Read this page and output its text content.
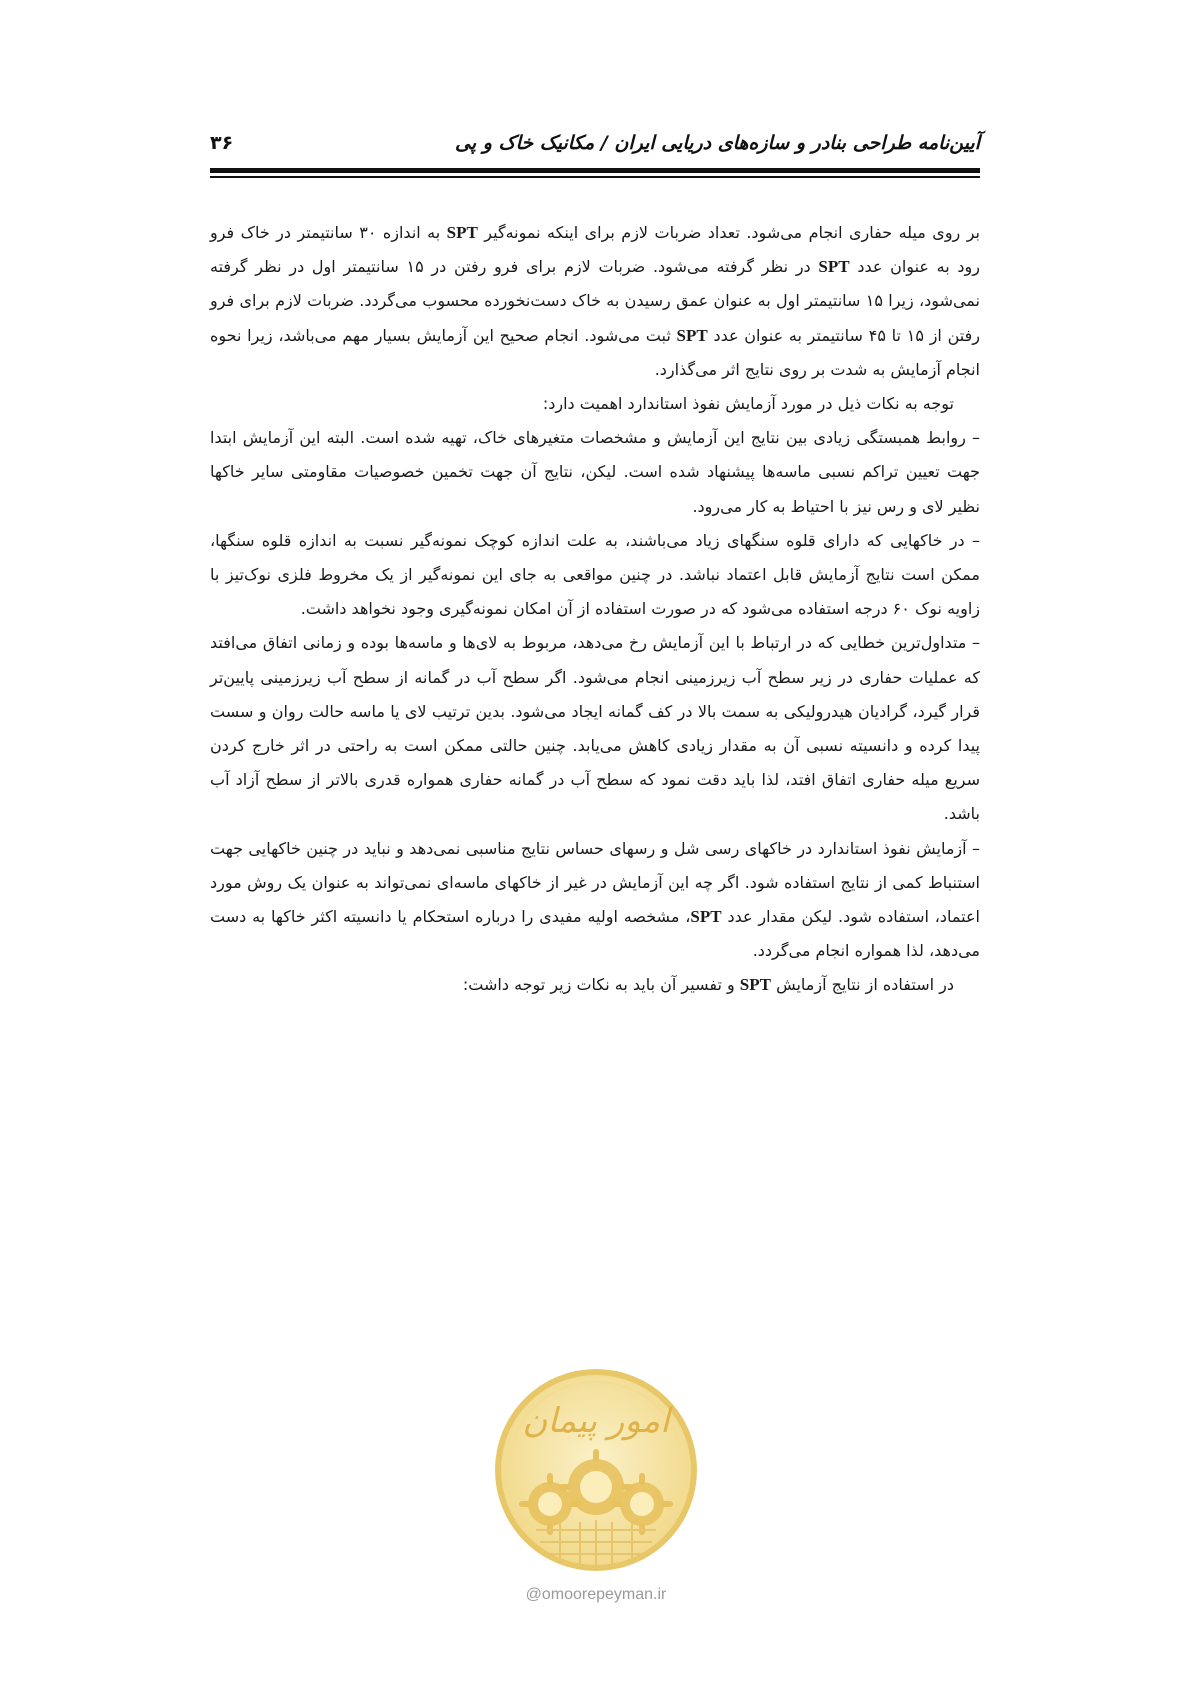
آیین‌نامه طراحی بنادر و سازه‌های دریایی ایران / مکانیک خاک و پی
۳۶

بر روی میله حفاری انجام می‌شود. تعداد ضربات لازم برای اینکه نمونه‌گیر SPT به اندازه ۳۰ سانتیمتر در خاک فرو رود به عنوان عدد SPT در نظر گرفته می‌شود. ضربات لازم برای فرو رفتن در ۱۵ سانتیمتر اول در نظر گرفته نمی‌شود، زیرا ۱۵ سانتیمتر اول به عنوان عمق رسیدن به خاک دست‌نخورده محسوب می‌گردد. ضربات لازم برای فرو رفتن از ۱۵ تا ۴۵ سانتیمتر به عنوان عدد SPT ثبت می‌شود. انجام صحیح این آزمایش بسیار مهم می‌باشد، زیرا نحوه انجام آزمایش به شدت بر روی نتایج اثر می‌گذارد.

توجه به نکات ذیل در مورد آزمایش نفوذ استاندارد اهمیت دارد:

– روابط همبستگی زیادی بین نتایج این آزمایش و مشخصات متغیرهای خاک، تهیه شده است. البته این آزمایش ابتدا جهت تعیین تراکم نسبی ماسه‌ها پیشنهاد شده است. لیکن، نتایج آن جهت تخمین خصوصیات مقاومتی سایر خاکها نظیر لای و رس نیز با احتیاط به کار می‌رود.

– در خاکهایی که دارای قلوه سنگهای زیاد می‌باشند، به علت اندازه کوچک نمونه‌گیر نسبت به اندازه قلوه سنگها، ممکن است نتایج آزمایش قابل اعتماد نباشد. در چنین مواقعی به جای این نمونه‌گیر از یک مخروط فلزی نوک‌تیز با زاویه نوک ۶۰ درجه استفاده می‌شود که در صورت استفاده از آن امکان نمونه‌گیری وجود نخواهد داشت.

– متداول‌ترین خطایی که در ارتباط با این آزمایش رخ می‌دهد، مربوط به لای‌ها و ماسه‌ها بوده و زمانی اتفاق می‌افتد که عملیات حفاری در زیر سطح آب زیرزمینی انجام می‌شود. اگر سطح آب در گمانه از سطح آب زیرزمینی پایین‌تر قرار گیرد، گرادیان هیدرولیکی به سمت بالا در کف گمانه ایجاد می‌شود. بدین ترتیب لای یا ماسه حالت روان و سست پیدا کرده و دانسیته نسبی آن به مقدار زیادی کاهش می‌یابد. چنین حالتی ممکن است به راحتی در اثر خارج کردن سریع میله حفاری اتفاق افتد، لذا باید دقت نمود که سطح آب در گمانه حفاری همواره قدری بالاتر از سطح آزاد آب باشد.

– آزمایش نفوذ استاندارد در خاکهای رسی شل و رسهای حساس نتایج مناسبی نمی‌دهد و نباید در چنین خاکهایی جهت استنباط کمی از نتایج استفاده شود. اگر چه این آزمایش در غیر از خاکهای ماسه‌ای نمی‌تواند به عنوان یک روش مورد اعتماد، استفاده شود. لیکن مقدار عدد SPT، مشخصه اولیه مفیدی را درباره استحکام یا دانسیته اکثر خاکها به دست می‌دهد، لذا همواره انجام می‌گردد.

در استفاده از نتایج آزمایش SPT و تفسیر آن باید به نکات زیر توجه داشت:

امور پیمان
@omoorepeyman.ir
